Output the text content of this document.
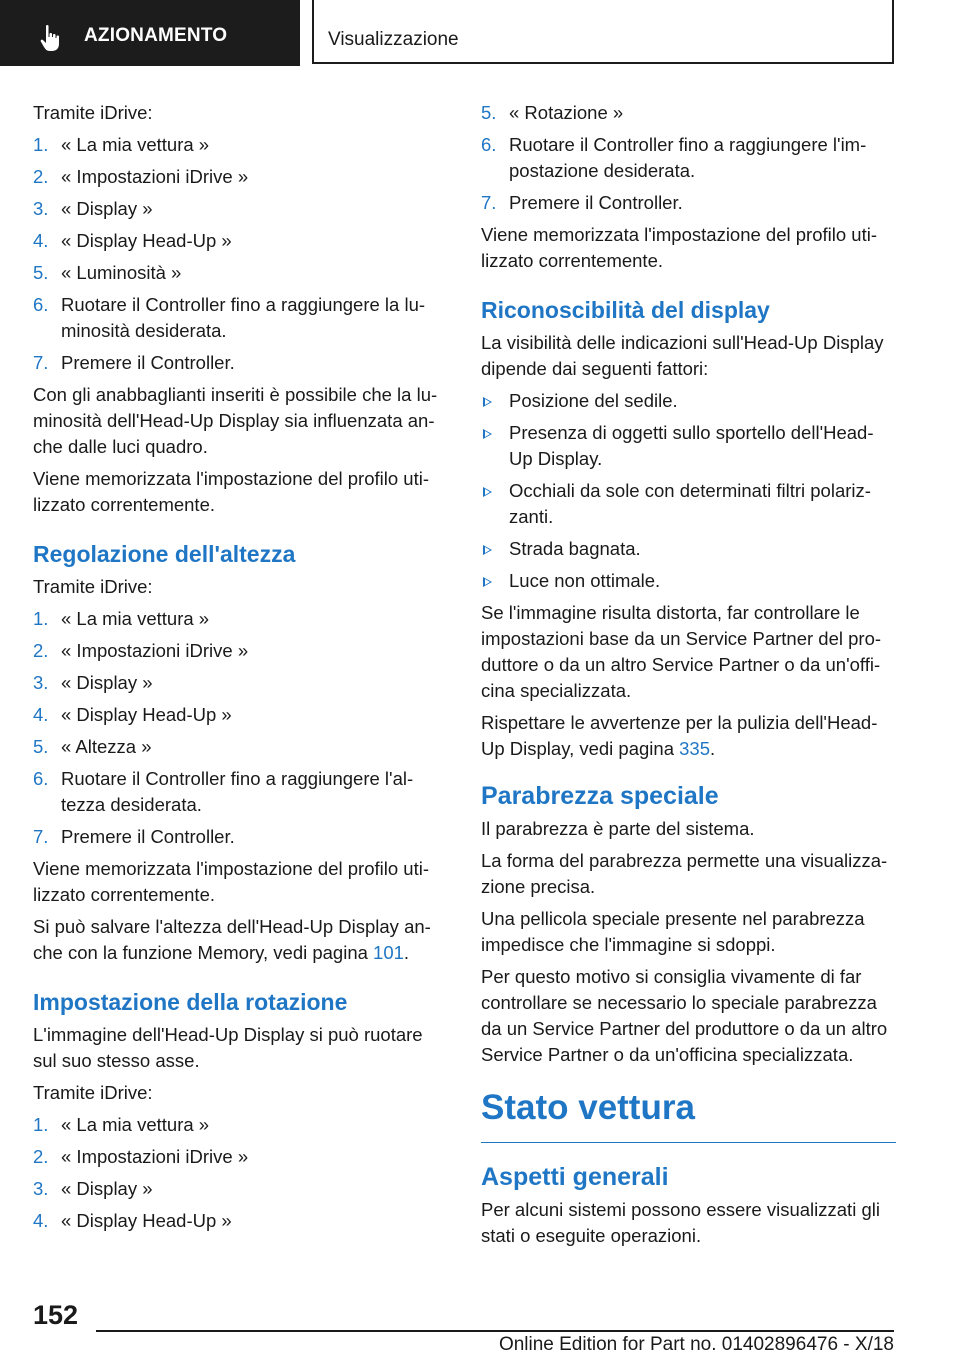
AZIONAMENTO	Visualizzazione

Tramite iDrive:

1. « La mia vettura »
2. « Impostazioni iDrive »
3. « Display »
4. « Display Head-Up »
5. « Luminosità »
6. Ruotare il Controller fino a raggiungere la luminosità desiderata.
7. Premere il Controller.

Con gli anabbaglianti inseriti è possibile che la luminosità dell'Head-Up Display sia influenzata anche dalle luci quadro.

Viene memorizzata l'impostazione del profilo utilizzato correntemente.

Regolazione dell'altezza

Tramite iDrive:

1. « La mia vettura »
2. « Impostazioni iDrive »
3. « Display »
4. « Display Head-Up »
5. « Altezza »
6. Ruotare il Controller fino a raggiungere l'altezza desiderata.
7. Premere il Controller.

Viene memorizzata l'impostazione del profilo utilizzato correntemente.

Si può salvare l'altezza dell'Head-Up Display anche con la funzione Memory, vedi pagina 101.

Impostazione della rotazione

L'immagine dell'Head-Up Display si può ruotare sul suo stesso asse.

Tramite iDrive:

1. « La mia vettura »
2. « Impostazioni iDrive »
3. « Display »
4. « Display Head-Up »
5. « Rotazione »
6. Ruotare il Controller fino a raggiungere l'impostazione desiderata.
7. Premere il Controller.

Viene memorizzata l'impostazione del profilo utilizzato correntemente.

Riconoscibilità del display

La visibilità delle indicazioni sull'Head-Up Display dipende dai seguenti fattori:

Posizione del sedile.
Presenza di oggetti sullo sportello dell'Head-Up Display.
Occhiali da sole con determinati filtri polarizzanti.
Strada bagnata.
Luce non ottimale.

Se l'immagine risulta distorta, far controllare le impostazioni base da un Service Partner del produttore o da un altro Service Partner o da un'officina specializzata.

Rispettare le avvertenze per la pulizia dell'Head-Up Display, vedi pagina 335.

Parabrezza speciale

Il parabrezza è parte del sistema.

La forma del parabrezza permette una visualizzazione precisa.

Una pellicola speciale presente nel parabrezza impedisce che l'immagine si sdoppi.

Per questo motivo si consiglia vivamente di far controllare se necessario lo speciale parabrezza da un Service Partner del produttore o da un altro Service Partner o da un'officina specializzata.

Stato vettura
Aspetti generali

Per alcuni sistemi possono essere visualizzati gli stati o eseguite operazioni.

152
Online Edition for Part no. 01402896476 - X/18
